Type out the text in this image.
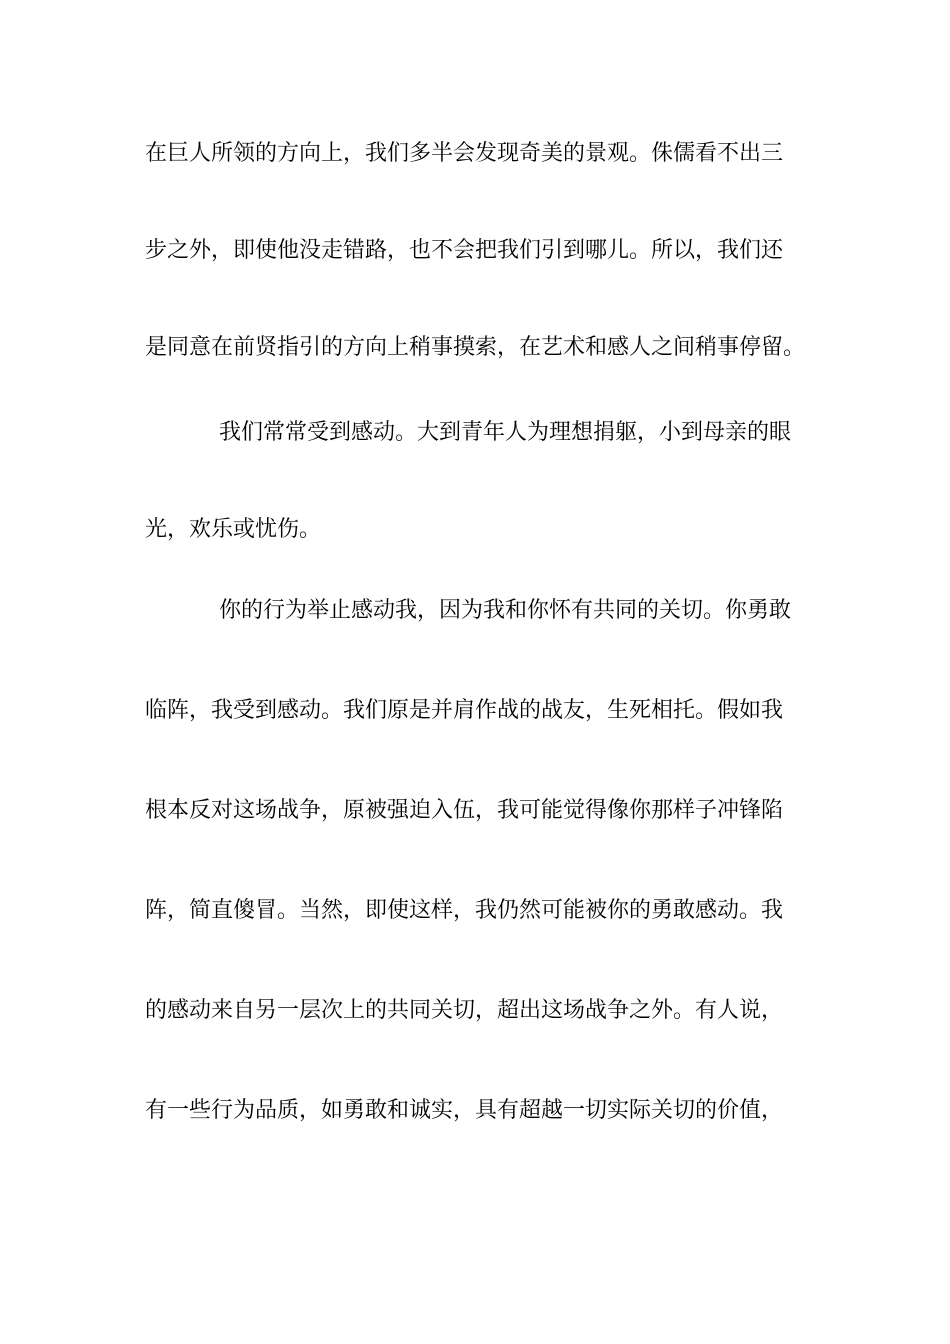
在巨人所领的方向上，我们多半会发现奇美的景观。侏儒看不出三
步之外，即使他没走错路，也不会把我们引到哪儿。所以，我们还
是同意在前贤指引的方向上稍事摸索，在艺术和感人之间稍事停留。
我们常常受到感动。大到青年人为理想捐躯，小到母亲的眼
光，欢乐或忧伤。
你的行为举止感动我，因为我和你怀有共同的关切。你勇敢
临阵，我受到感动。我们原是并肩作战的战友，生死相托。假如我
根本反对这场战争，原被强迫入伍，我可能觉得像你那样子冲锋陷
阵，简直傻冒。当然，即使这样，我仍然可能被你的勇敢感动。我
的感动来自另一层次上的共同关切，超出这场战争之外。有人说，
有一些行为品质，如勇敢和诚实，具有超越一切实际关切的价值，
